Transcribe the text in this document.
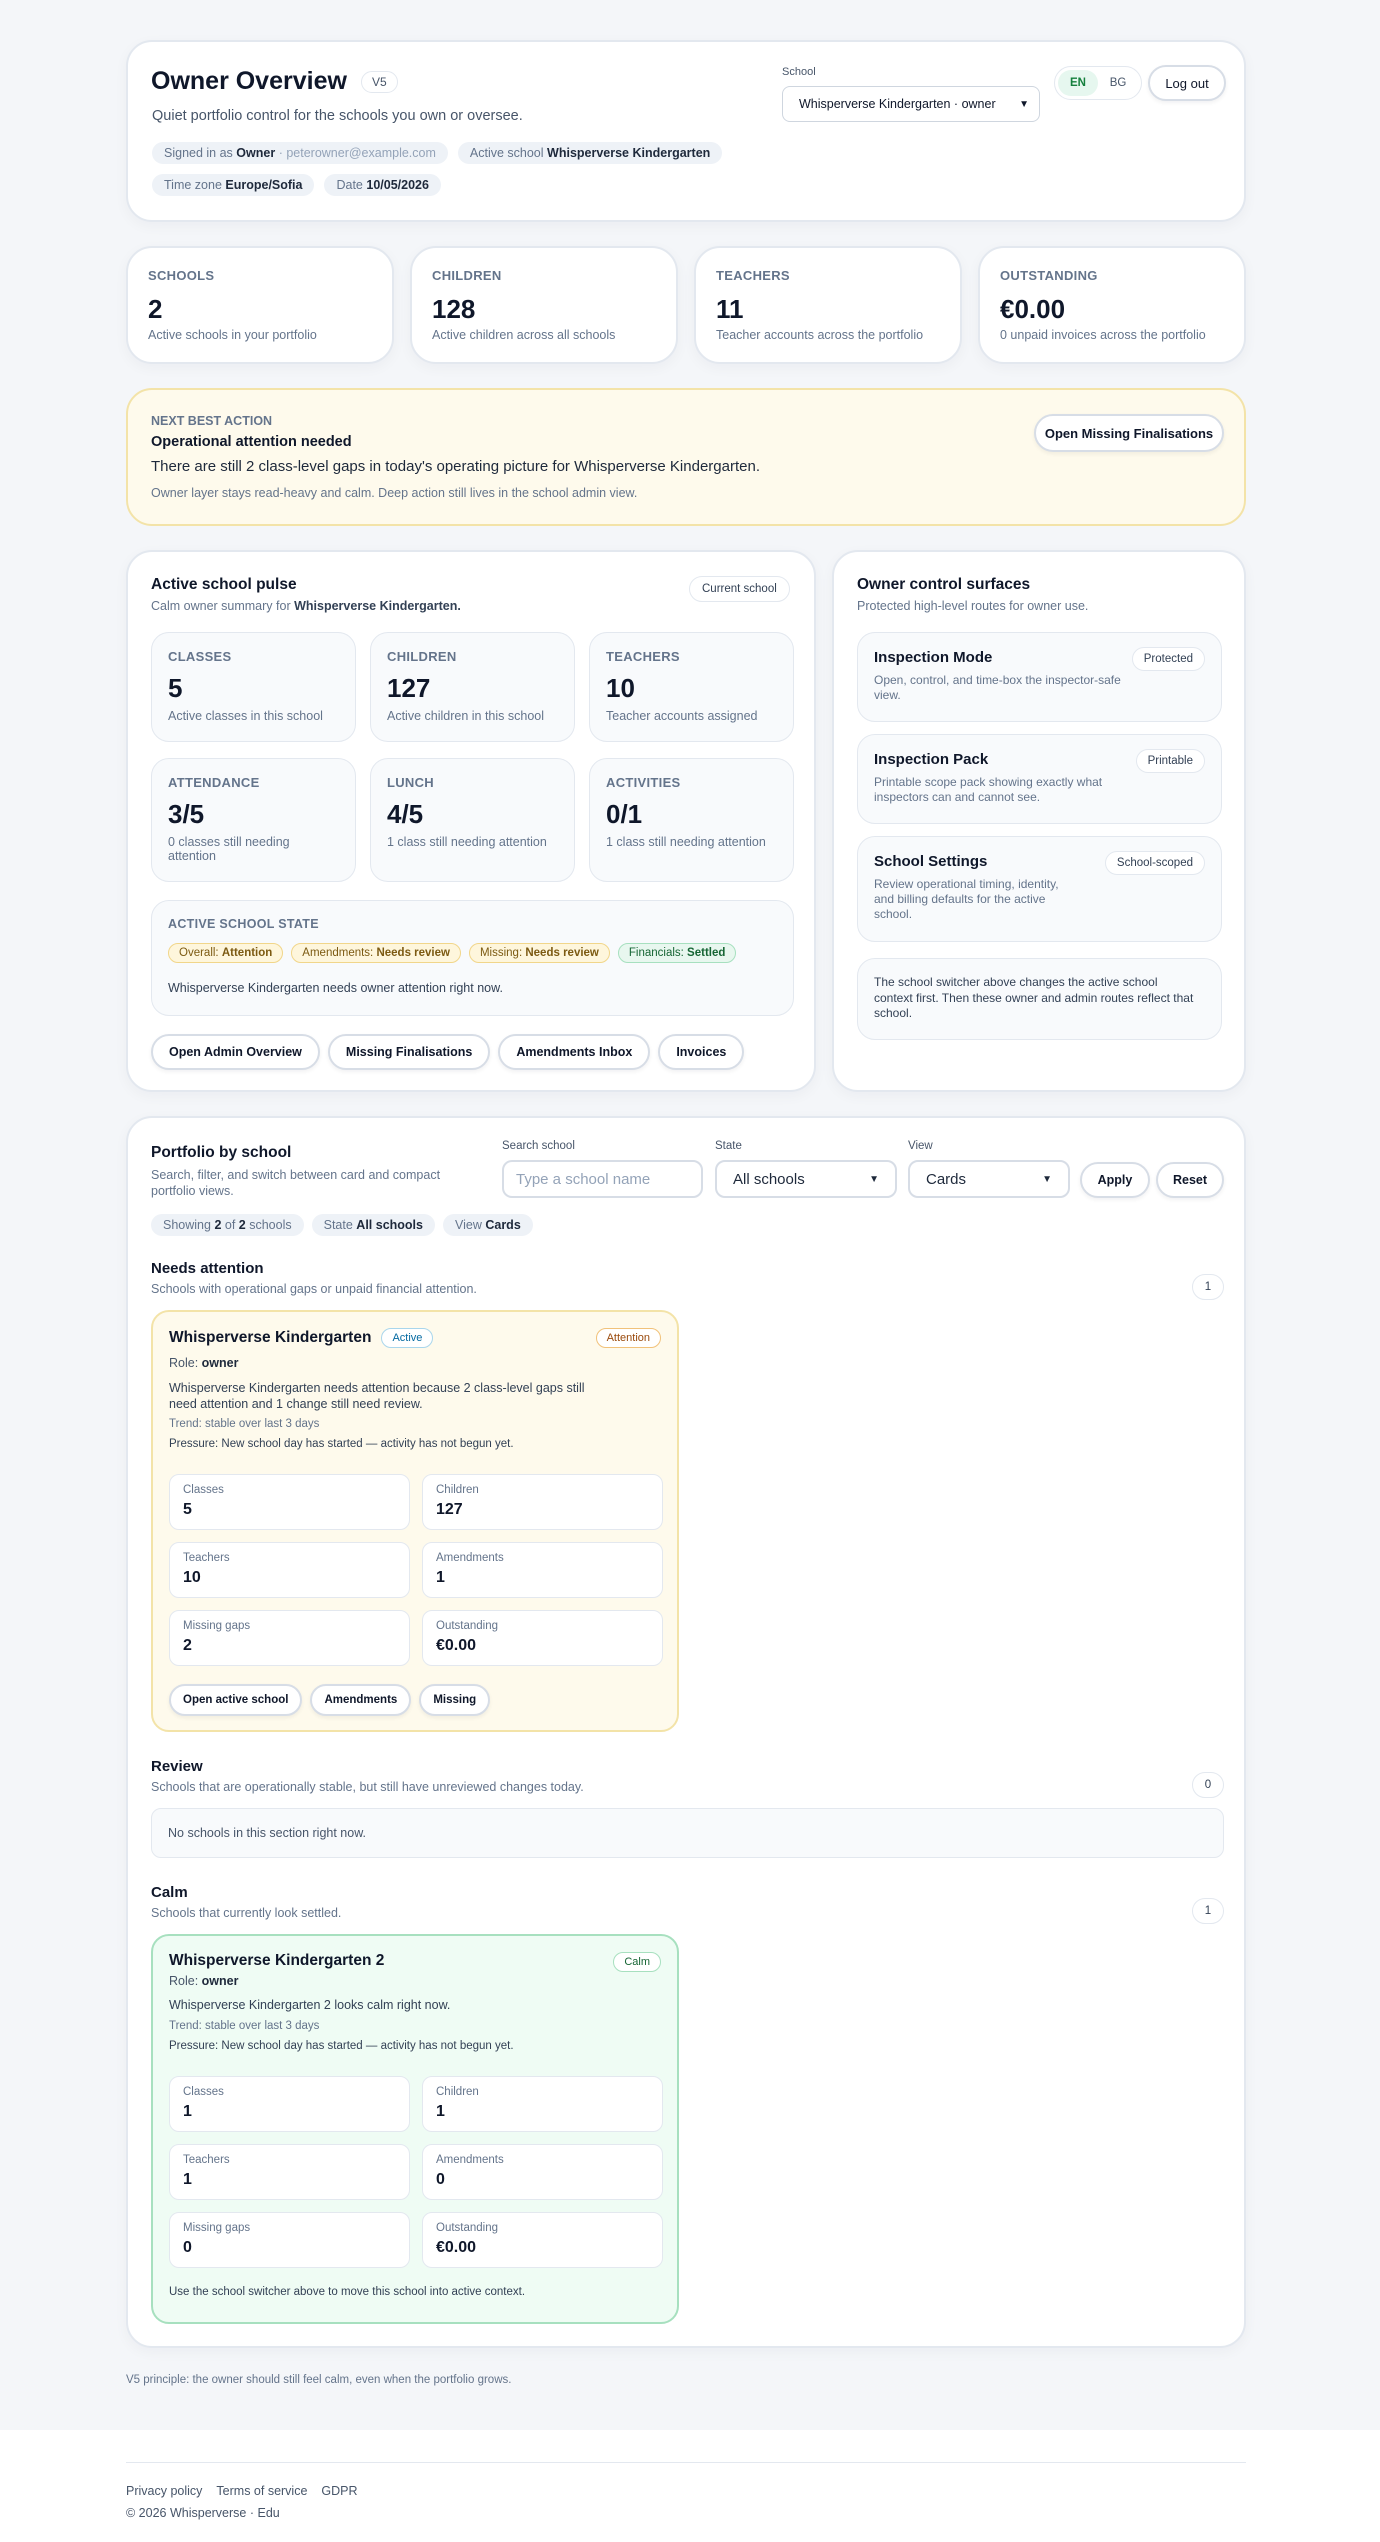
Owner Overview	V5
Quiet portfolio control for the schools you own or oversee.
Signed in as Owner · peterowner@example.com	Active school Whisperverse Kindergarten
Time zone Europe/Sofia	Date 10/05/2026
School
Whisperverse Kindergarten · owner ▼
EN	BG	Log out
SCHOOLS
2
Active schools in your portfolio
CHILDREN
128
Active children across all schools
TEACHERS
11
Teacher accounts across the portfolio
OUTSTANDING
€0.00
0 unpaid invoices across the portfolio
NEXT BEST ACTION
Operational attention needed
There are still 2 class-level gaps in today's operating picture for Whisperverse Kindergarten.
Owner layer stays read-heavy and calm. Deep action still lives in the school admin view.
Open Missing Finalisations
Active school pulse
Calm owner summary for Whisperverse Kindergarten.
Current school
CLASSES
5
Active classes in this school
CHILDREN
127
Active children in this school
TEACHERS
10
Teacher accounts assigned
ATTENDANCE
3/5
0 classes still needing attention
LUNCH
4/5
1 class still needing attention
ACTIVITIES
0/1
1 class still needing attention
ACTIVE SCHOOL STATE
Overall: Attention	Amendments: Needs review	Missing: Needs review	Financials: Settled
Whisperverse Kindergarten needs owner attention right now.
Open Admin Overview	Missing Finalisations	Amendments Inbox	Invoices
Owner control surfaces
Protected high-level routes for owner use.
Inspection Mode
Open, control, and time-box the inspector-safe view.
Protected
Inspection Pack
Printable scope pack showing exactly what inspectors can and cannot see.
Printable
School Settings
Review operational timing, identity, and billing defaults for the active school.
School-scoped
The school switcher above changes the active school context first. Then these owner and admin routes reflect that school.
Portfolio by school
Search, filter, and switch between card and compact portfolio views.
Search school
Type a school name
State
All schools	▼
View
Cards	▼	Apply	Reset
Showing 2 of 2 schools	State All schools	View Cards
Needs attention
Schools with operational gaps or unpaid financial attention.	1
Whisperverse Kindergarten	Active	Attention
Role: owner
Whisperverse Kindergarten needs attention because 2 class-level gaps still need attention and 1 change still need review.
Trend: stable over last 3 days
Pressure: New school day has started — activity has not begun yet.
Classes
5
Children
127
Teachers
10
Amendments
1
Missing gaps
2
Outstanding
€0.00
Open active school	Amendments	Missing
Review
Schools that are operationally stable, but still have unreviewed changes today.	0
No schools in this section right now.
Calm
Schools that currently look settled.	1
Whisperverse Kindergarten 2	Calm
Role: owner
Whisperverse Kindergarten 2 looks calm right now.
Trend: stable over last 3 days
Pressure: New school day has started — activity has not begun yet.
Classes
1
Children
1
Teachers
1
Amendments
0
Missing gaps
0
Outstanding
€0.00
Use the school switcher above to move this school into active context.
V5 principle: the owner should still feel calm, even when the portfolio grows.
Privacy policy Terms of service GDPR
© 2026 Whisperverse · Edu
